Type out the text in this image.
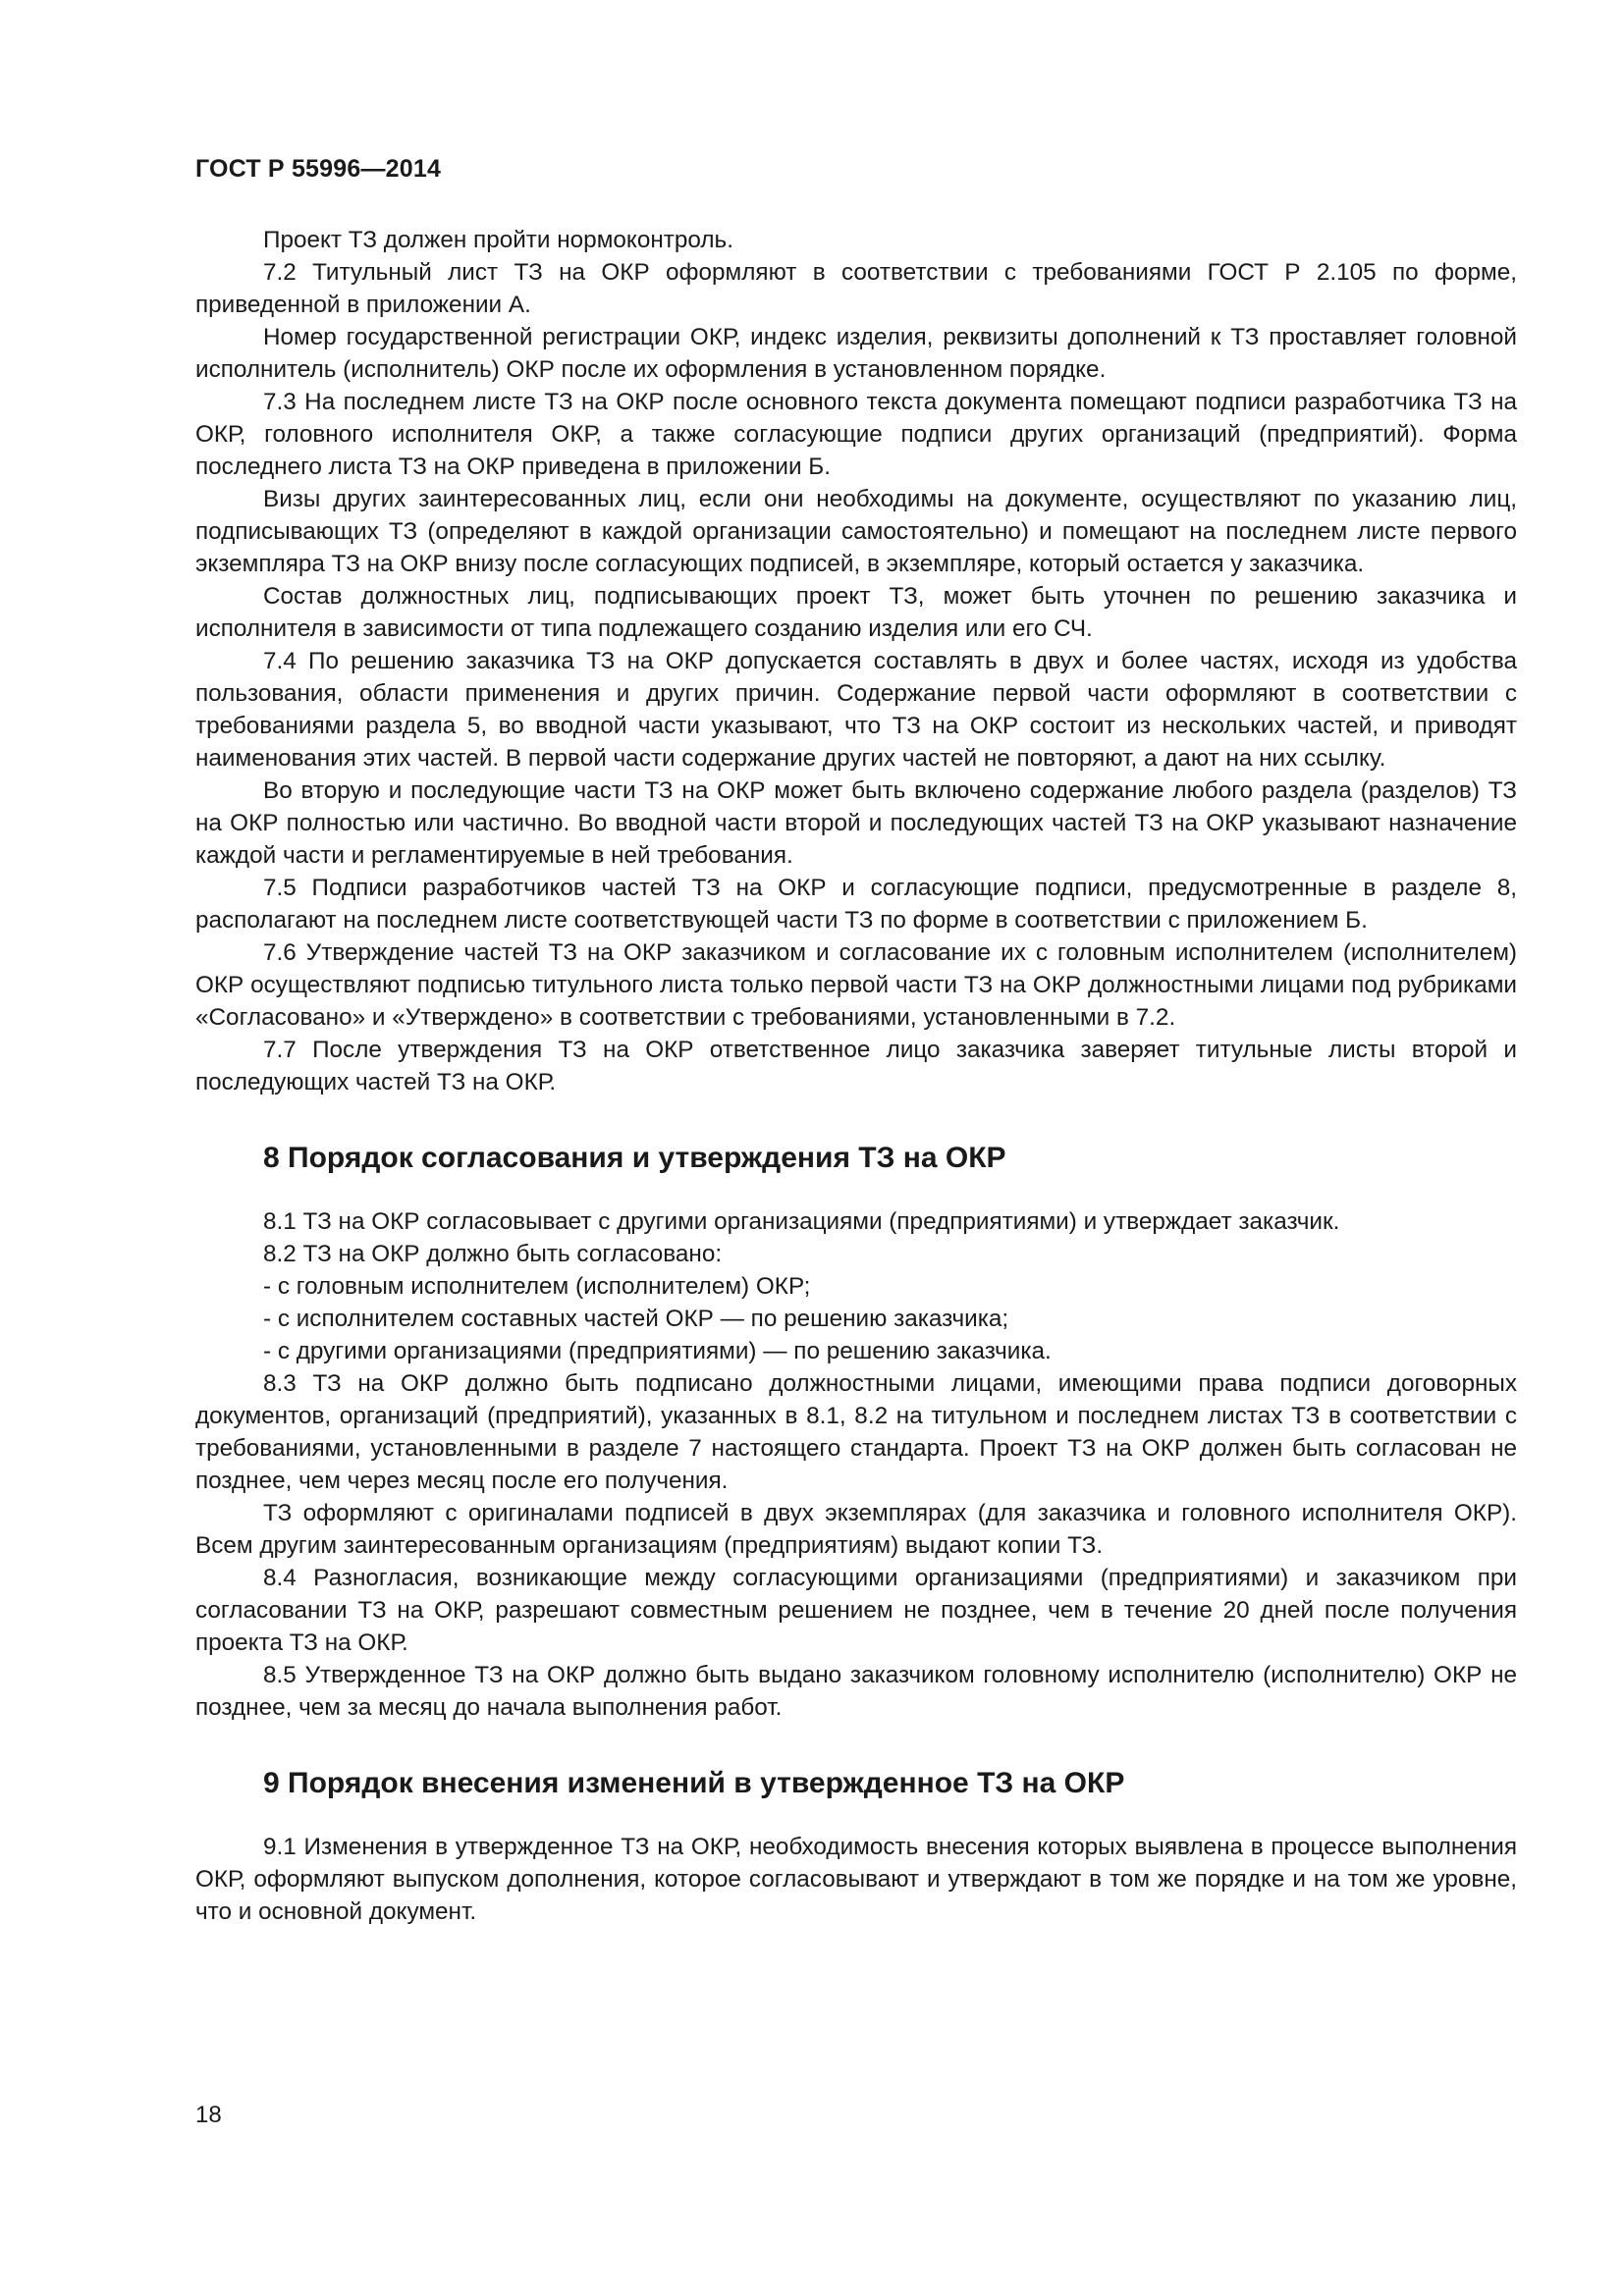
ГОСТ Р 55996—2014

Проект ТЗ должен пройти нормоконтроль.

7.2 Титульный лист ТЗ на ОКР оформляют в соответствии с требованиями ГОСТ Р 2.105 по форме, приведенной в приложении А.

Номер государственной регистрации ОКР, индекс изделия, реквизиты дополнений к ТЗ проставляет головной исполнитель (исполнитель) ОКР после их оформления в установленном порядке.

7.3 На последнем листе ТЗ на ОКР после основного текста документа помещают подписи разработчика ТЗ на ОКР, головного исполнителя ОКР, а также согласующие подписи других организаций (предприятий). Форма последнего листа ТЗ на ОКР приведена в приложении Б.

Визы других заинтересованных лиц, если они необходимы на документе, осуществляют по указанию лиц, подписывающих ТЗ (определяют в каждой организации самостоятельно) и помещают на последнем листе первого экземпляра ТЗ на ОКР внизу после согласующих подписей, в экземпляре, который остается у заказчика.

Состав должностных лиц, подписывающих проект ТЗ, может быть уточнен по решению заказчика и исполнителя в зависимости от типа подлежащего созданию изделия или его СЧ.

7.4 По решению заказчика ТЗ на ОКР допускается составлять в двух и более частях, исходя из удобства пользования, области применения и других причин. Содержание первой части оформляют в соответствии с требованиями раздела 5, во вводной части указывают, что ТЗ на ОКР состоит из нескольких частей, и приводят наименования этих частей. В первой части содержание других частей не повторяют, а дают на них ссылку.

Во вторую и последующие части ТЗ на ОКР может быть включено содержание любого раздела (разделов) ТЗ на ОКР полностью или частично. Во вводной части второй и последующих частей ТЗ на ОКР указывают назначение каждой части и регламентируемые в ней требования.

7.5 Подписи разработчиков частей ТЗ на ОКР и согласующие подписи, предусмотренные в разделе 8, располагают на последнем листе соответствующей части ТЗ по форме в соответствии с приложением Б.

7.6 Утверждение частей ТЗ на ОКР заказчиком и согласование их с головным исполнителем (исполнителем) ОКР осуществляют подписью титульного листа только первой части ТЗ на ОКР должностными лицами под рубриками «Согласовано» и «Утверждено» в соответствии с требованиями, установленными в 7.2.

7.7 После утверждения ТЗ на ОКР ответственное лицо заказчика заверяет титульные листы второй и последующих частей ТЗ на ОКР.

8 Порядок согласования и утверждения ТЗ на ОКР

8.1 ТЗ на ОКР согласовывает с другими организациями (предприятиями) и утверждает заказчик.

8.2 ТЗ на ОКР должно быть согласовано:

- с головным исполнителем (исполнителем) ОКР;

- с исполнителем составных частей ОКР — по решению заказчика;

- с другими организациями (предприятиями) — по решению заказчика.

8.3 ТЗ на ОКР должно быть подписано должностными лицами, имеющими права подписи договорных документов, организаций (предприятий), указанных в 8.1, 8.2 на титульном и последнем листах ТЗ в соответствии с требованиями, установленными в разделе 7 настоящего стандарта. Проект ТЗ на ОКР должен быть согласован не позднее, чем через месяц после его получения.

ТЗ оформляют с оригиналами подписей в двух экземплярах (для заказчика и головного исполнителя ОКР). Всем другим заинтересованным организациям (предприятиям) выдают копии ТЗ.

8.4 Разногласия, возникающие между согласующими организациями (предприятиями) и заказчиком при согласовании ТЗ на ОКР, разрешают совместным решением не позднее, чем в течение 20 дней после получения проекта ТЗ на ОКР.

8.5 Утвержденное ТЗ на ОКР должно быть выдано заказчиком головному исполнителю (исполнителю) ОКР не позднее, чем за месяц до начала выполнения работ.

9 Порядок внесения изменений в утвержденное ТЗ на ОКР

9.1 Изменения в утвержденное ТЗ на ОКР, необходимость внесения которых выявлена в процессе выполнения ОКР, оформляют выпуском дополнения, которое согласовывают и утверждают в том же порядке и на том же уровне, что и основной документ.

18
